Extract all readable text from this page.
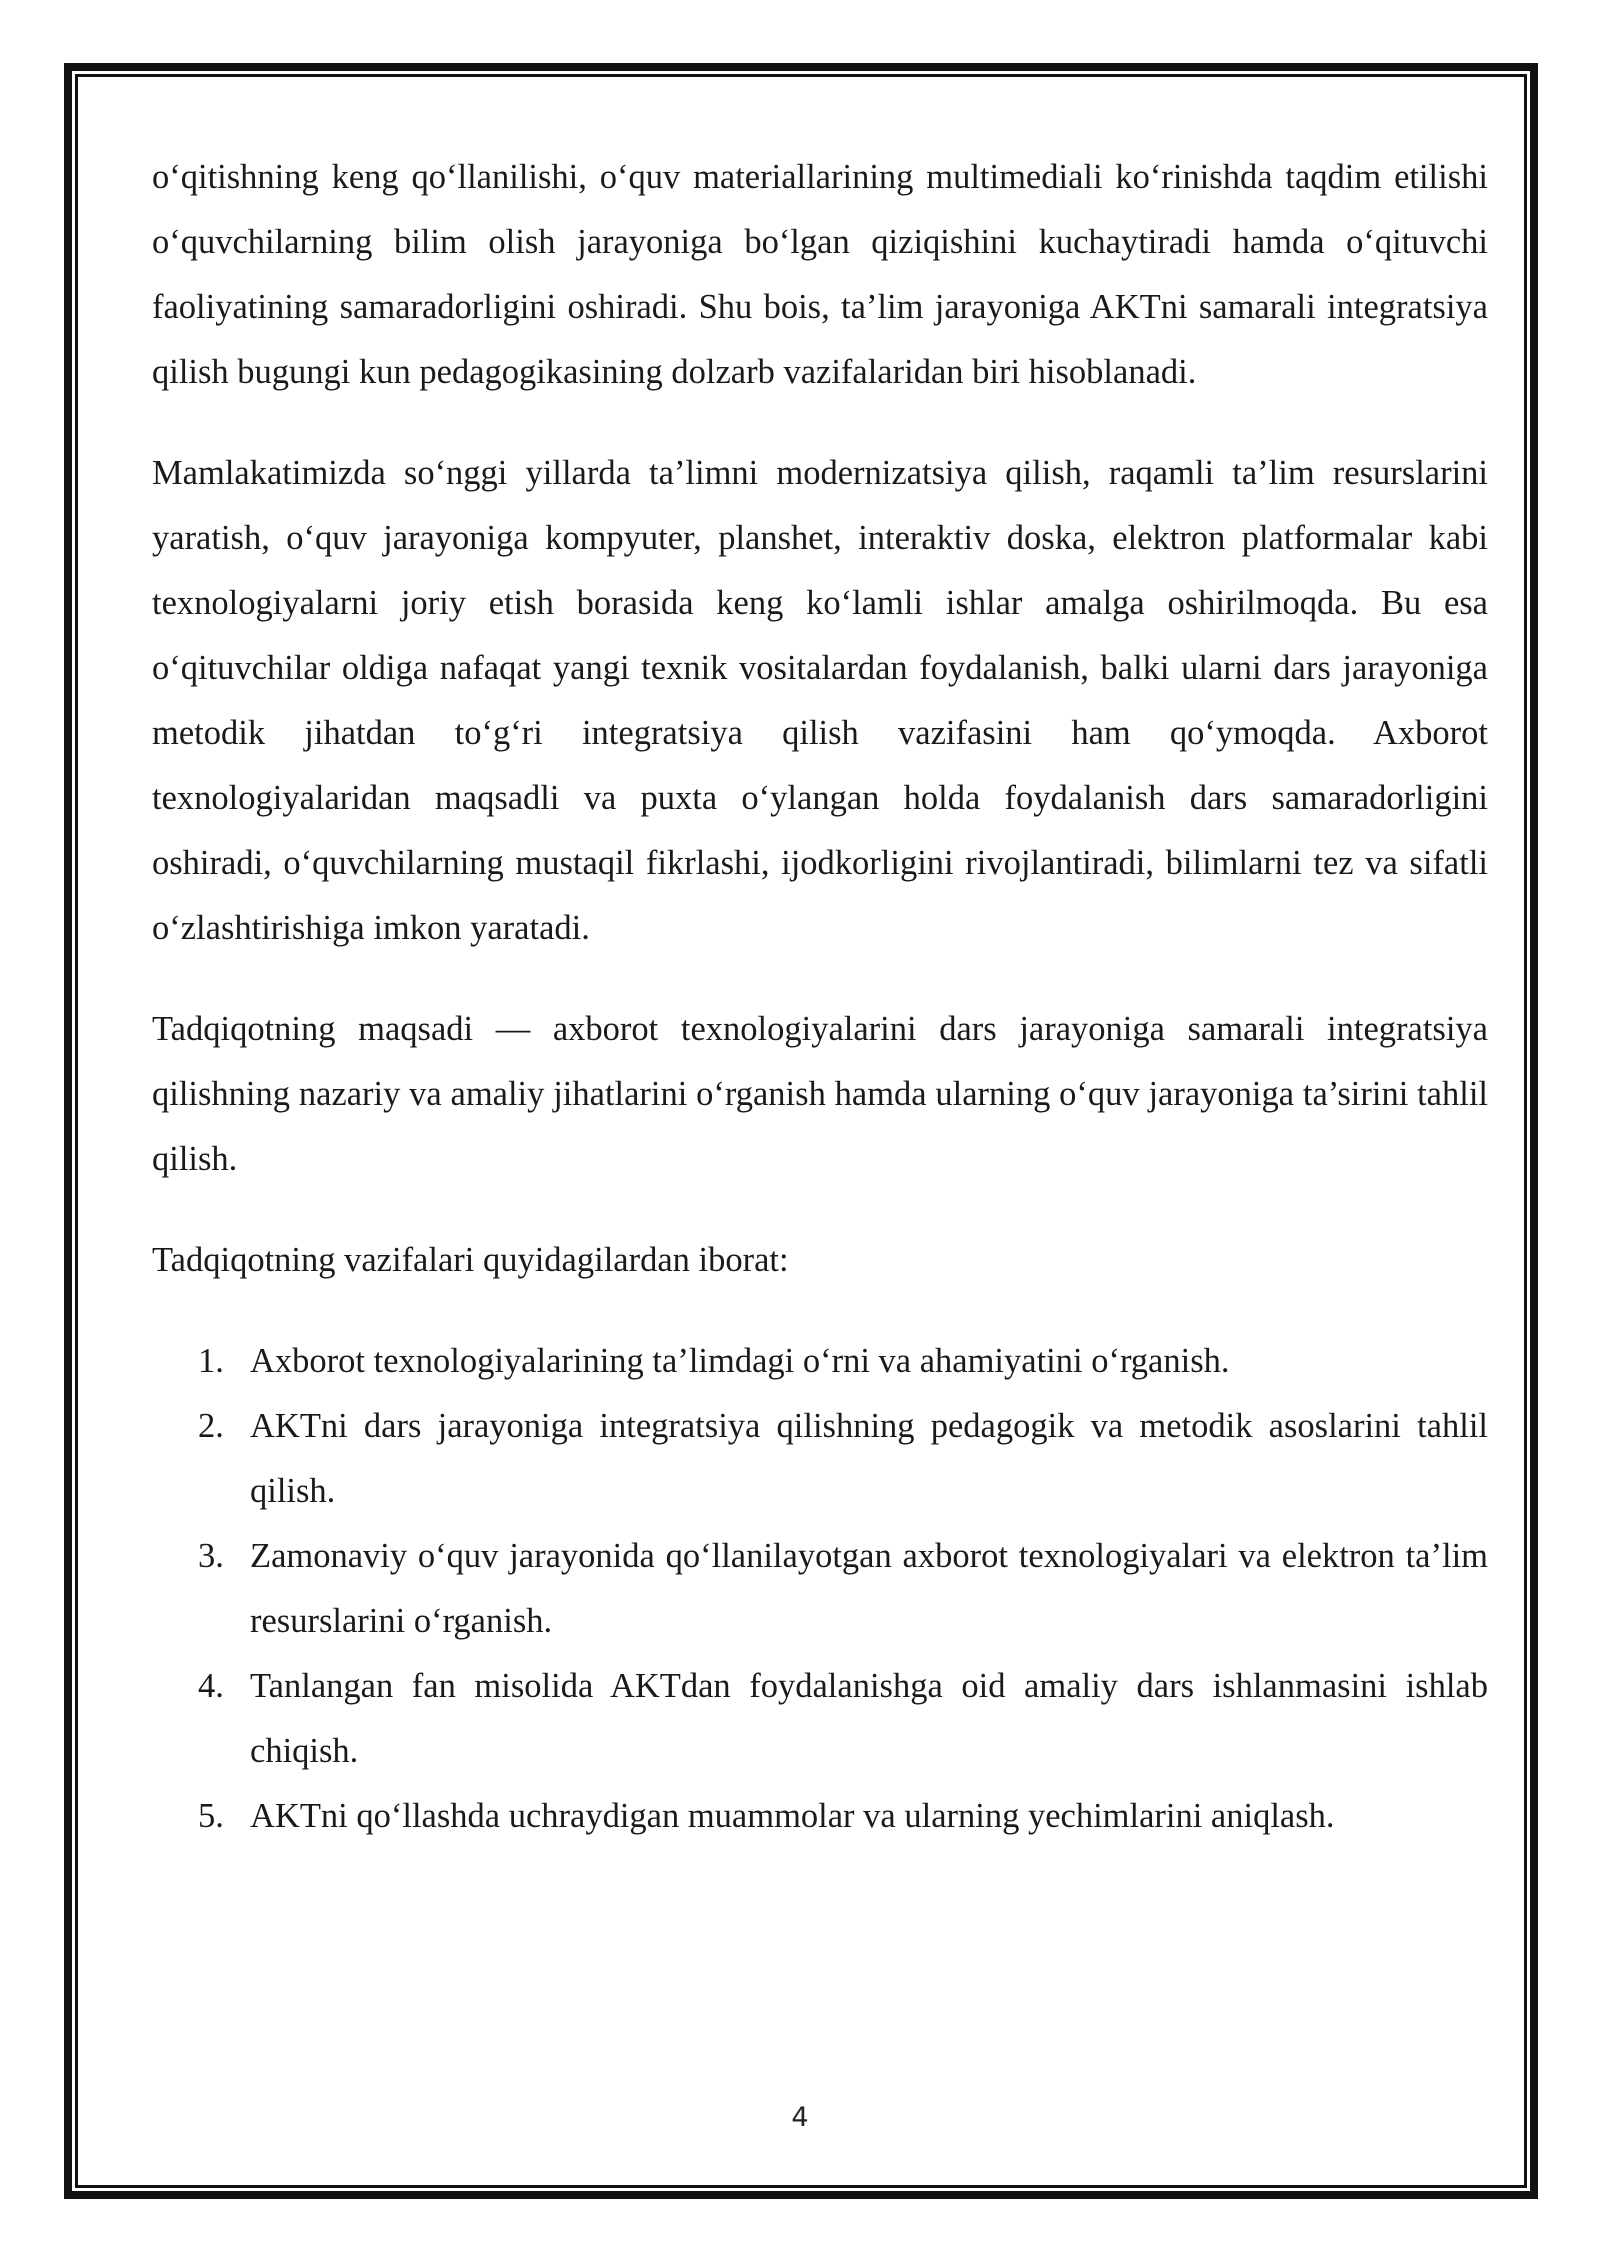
o‘qitishning keng qo‘llanilishi, o‘quv materiallarining multimediali ko‘rinishda taqdim etilishi o‘quvchilarning bilim olish jarayoniga bo‘lgan qiziqishini kuchaytiradi hamda o‘qituvchi faoliyatining samaradorligini oshiradi. Shu bois, ta’lim jarayoniga AKTni samarali integratsiya qilish bugungi kun pedagogikasining dolzarb vazifalaridan biri hisoblanadi.

Mamlakatimizda so‘nggi yillarda ta’limni modernizatsiya qilish, raqamli ta’lim resurslarini yaratish, o‘quv jarayoniga kompyuter, planshet, interaktiv doska, elektron platformalar kabi texnologiyalarni joriy etish borasida keng ko‘lamli ishlar amalga oshirilmoqda. Bu esa o‘qituvchilar oldiga nafaqat yangi texnik vositalardan foydalanish, balki ularni dars jarayoniga metodik jihatdan to‘g‘ri integratsiya qilish vazifasini ham qo‘ymoqda. Axborot texnologiyalaridan maqsadli va puxta o‘ylangan holda foydalanish dars samaradorligini oshiradi, o‘quvchilarning mustaqil fikrlashi, ijodkorligini rivojlantiradi, bilimlarni tez va sifatli o‘zlashtirishiga imkon yaratadi.

Tadqiqotning maqsadi — axborot texnologiyalarini dars jarayoniga samarali integratsiya qilishning nazariy va amaliy jihatlarini o‘rganish hamda ularning o‘quv jarayoniga ta’sirini tahlil qilish.

Tadqiqotning vazifalari quyidagilardan iborat:

1. Axborot texnologiyalarining ta’limdagi o‘rni va ahamiyatini o‘rganish.
2. AKTni dars jarayoniga integratsiya qilishning pedagogik va metodik asoslarini tahlil qilish.
3. Zamonaviy o‘quv jarayonida qo‘llanilayotgan axborot texnologiyalari va elektron ta’lim resurslarini o‘rganish.
4. Tanlangan fan misolida AKTdan foydalanishga oid amaliy dars ishlanmasini ishlab chiqish.
5. AKTni qo‘llashda uchraydigan muammolar va ularning yechimlarini aniqlash.
4
